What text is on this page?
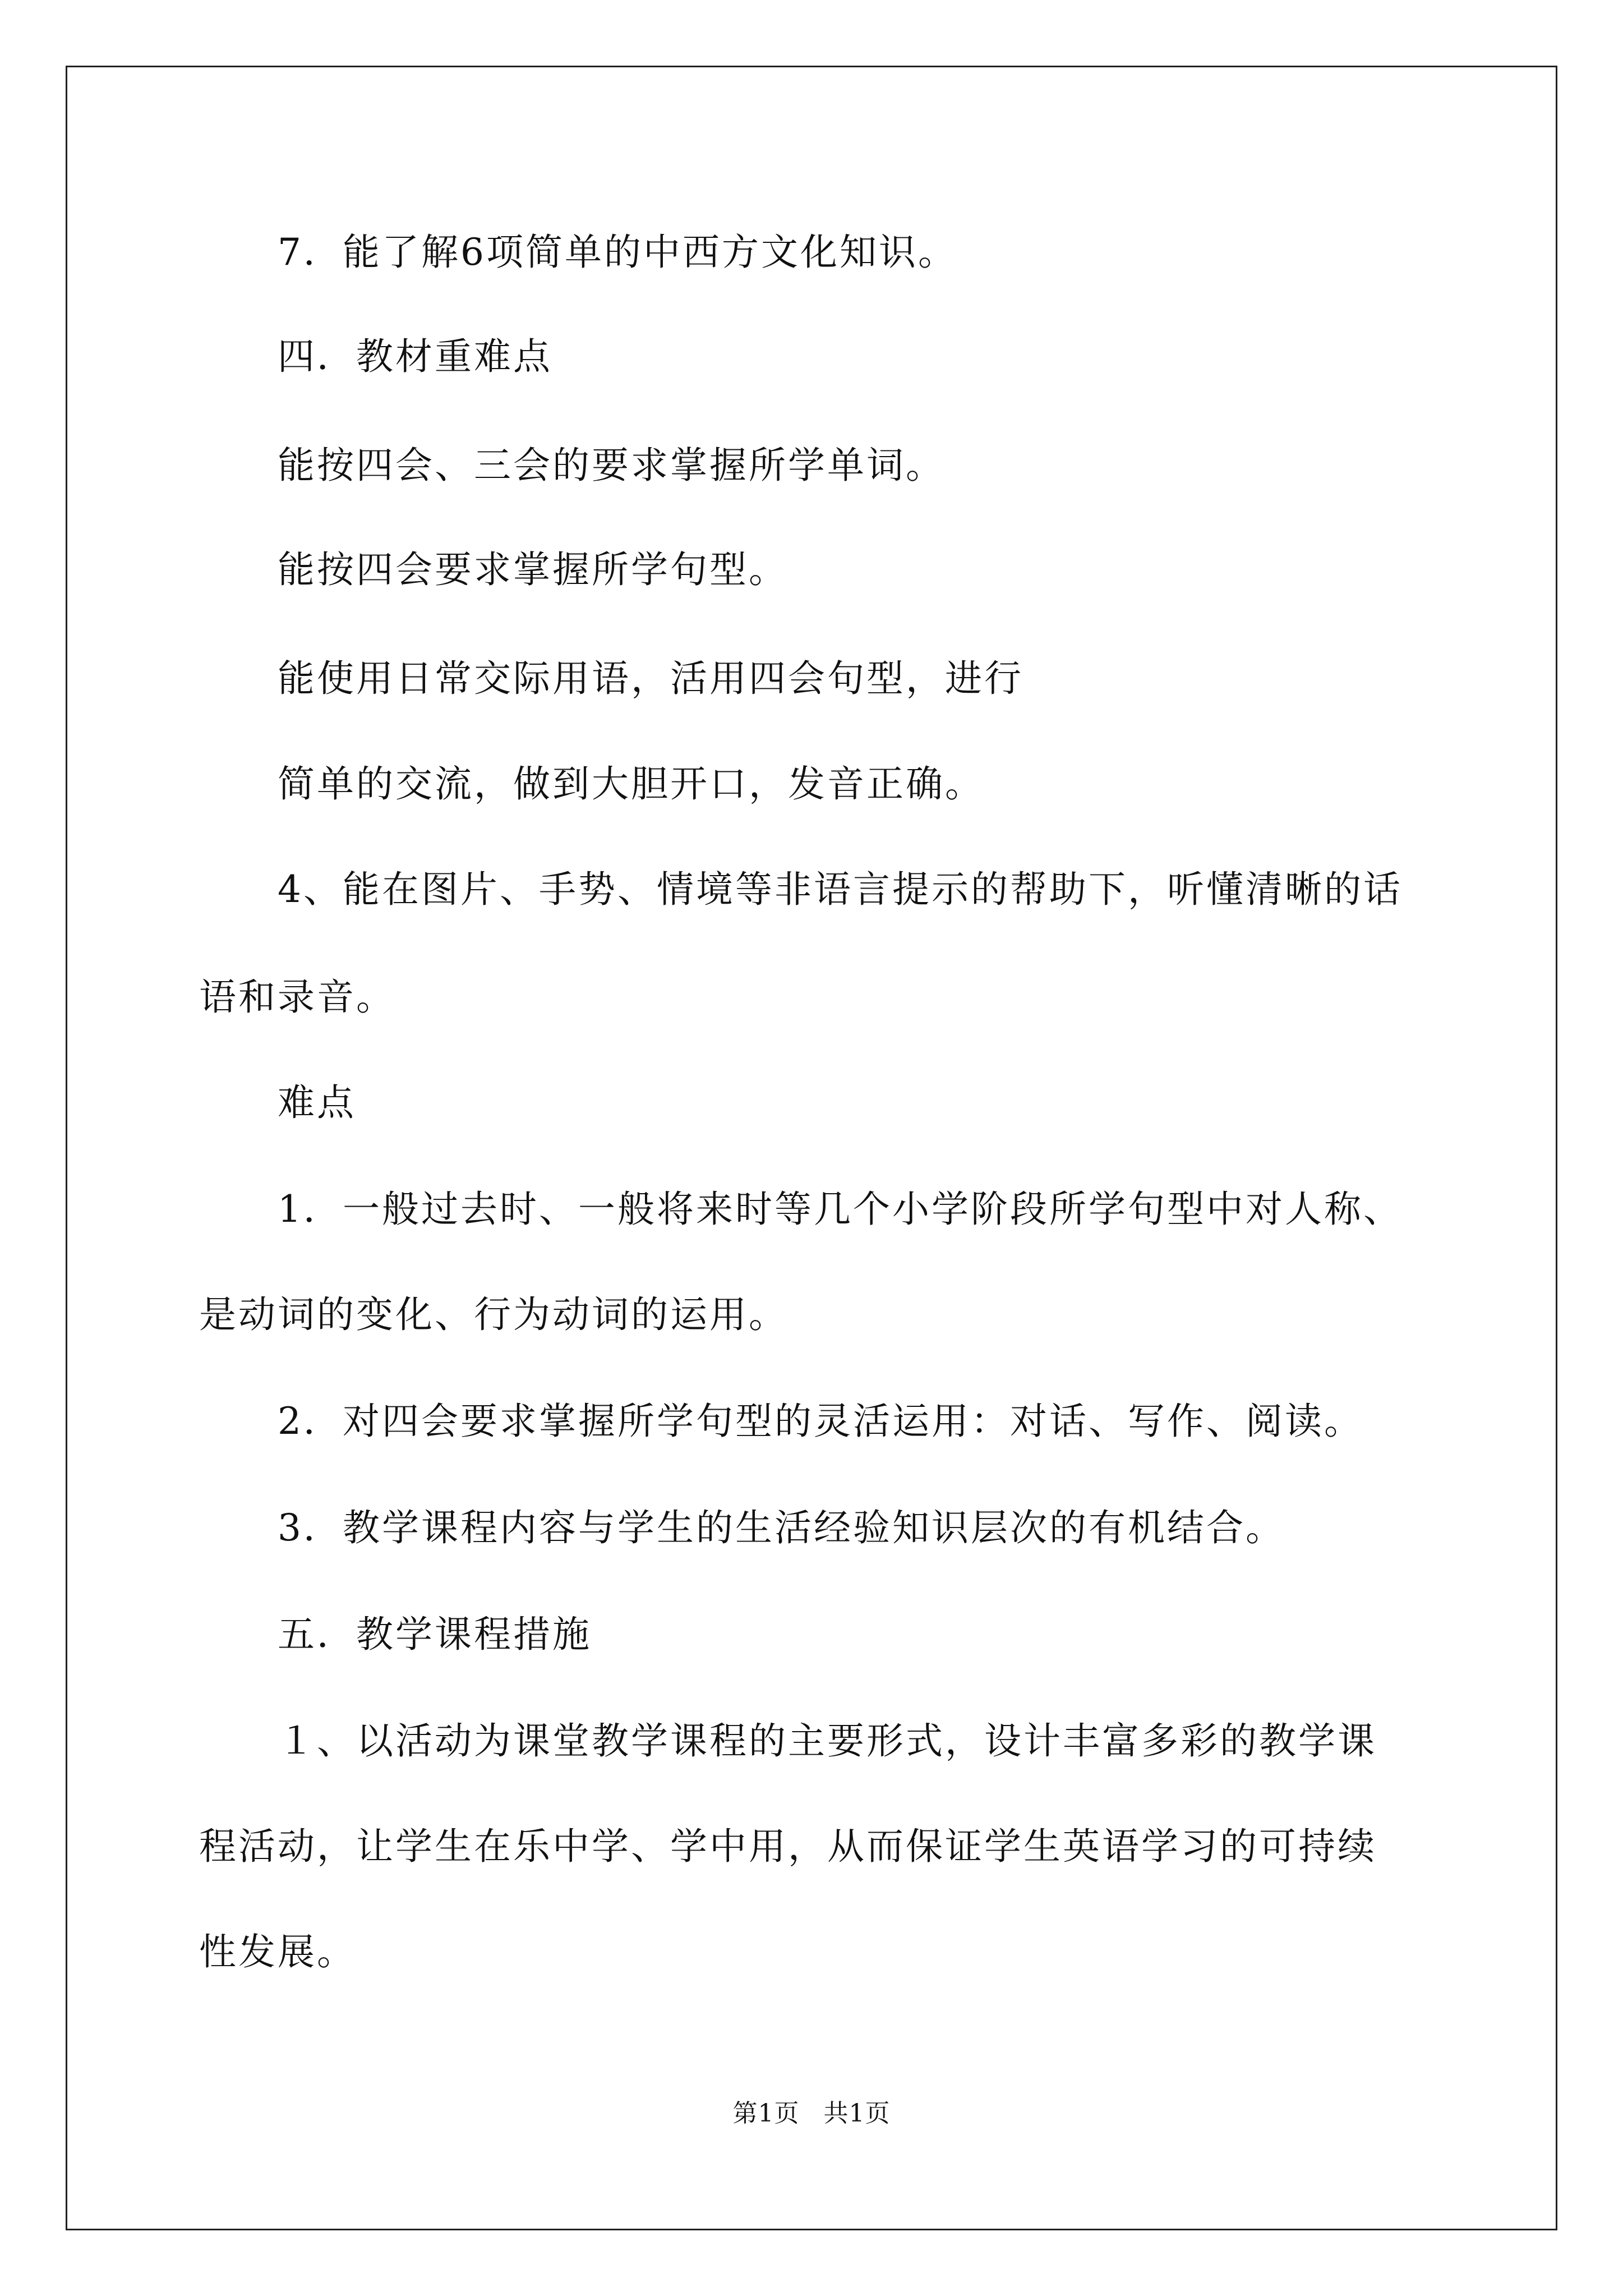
7．能了解6项简单的中西方文化知识。
四．教材重难点
能按四会、三会的要求掌握所学单词。
能按四会要求掌握所学句型。
能使用日常交际用语，活用四会句型，进行
简单的交流，做到大胆开口，发音正确。
4、能在图片、手势、情境等非语言提示的帮助下，听懂清晰的话
语和录音。
难点
1．一般过去时、一般将来时等几个小学阶段所学句型中对人称、
是动词的变化、行为动词的运用。
2．对四会要求掌握所学句型的灵活运用：对话、写作、阅读。
3．教学课程内容与学生的生活经验知识层次的有机结合。
五．教学课程措施
１、以活动为课堂教学课程的主要形式，设计丰富多彩的教学课
程活动，让学生在乐中学、学中用，从而保证学生英语学习的可持续
性发展。
第1页 共1页
